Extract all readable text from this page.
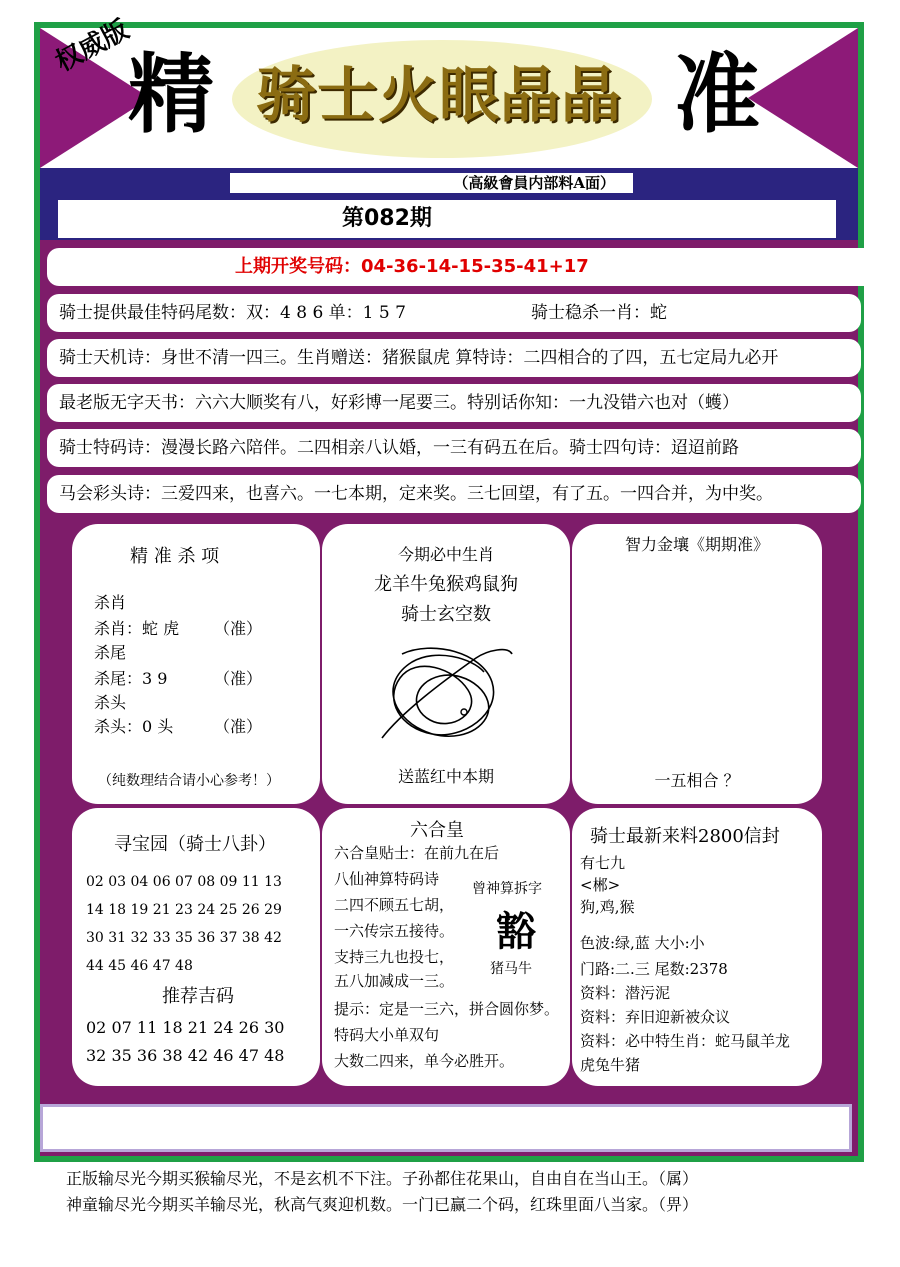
权威版
精 骑士火眼晶晶 准
（高級會員内部料A面）
第082期
上期开奖号码：04-36-14-15-35-41+17
骑士提供最佳特码尾数：双：4 8 6 单：1 5 7	骑士稳杀一肖：蛇
骑士天机诗：身世不清一四三。生肖赠送：猪猴鼠虎 算特诗：二四相合的了四，五七定局九必开
最老版无字天书：六六大顺奖有八，好彩博一尾要三。特别话你知：一九没错六也对（蠖）
骑士特码诗：漫漫长路六陪伴。二四相亲八认婚，一三有码五在后。骑士四句诗：迢迢前路
马会彩头诗：三爱四来，也喜六。一七本期，定来奖。三七回望，有了五。一四合并，为中奖。
精 准 杀 项
杀肖
杀肖：蛇 虎 （准）
杀尾
杀尾：3 9	（准）
杀头
杀头：0 头	（准）
（纯数理结合请小心参考！）
今期必中生肖
龙羊牛兔猴鸡鼠狗
骑士玄空数
送蓝红中本期
智力金壤《期期准》
一五相合 ？
寻宝园（骑士八卦）
02 03 04 06 07 08 09 11 13
14 18 19 21 23 24 25 26 29
30 31 32 33 35 36 37 38 42
44 45 46 47 48
推荐吉码
02 07 11 18 21 24 26 30
32 35 36 38 42 46 47 48
六合皇
六合皇贴士：在前九在后
八仙神算特码诗
二四不顾五七胡，
一六传宗五接待。
支持三九也投七，
五八加减成一三。
提示：定是一三六，拼合圆你梦。
特码大小单双句
大数二四来，单今必胜开。
曾神算拆字
豁
猪马牛
骑士最新来料2800信封
有七九
<郴>
狗,鸡,猴
色波:绿,蓝 大小:小
门路:二.三 尾数:2378
资料：潜污泥
资料：弃旧迎新被众议
资料：必中特生肖：蛇马鼠羊龙
虎兔牛猪
正版输尽光今期买猴输尽光，不是玄机不下注。子孙都住花果山，自由自在当山王。（属）
神童输尽光今期买羊输尽光，秋高气爽迎机数。一门已赢二个码，红珠里面八当家。（畀）
